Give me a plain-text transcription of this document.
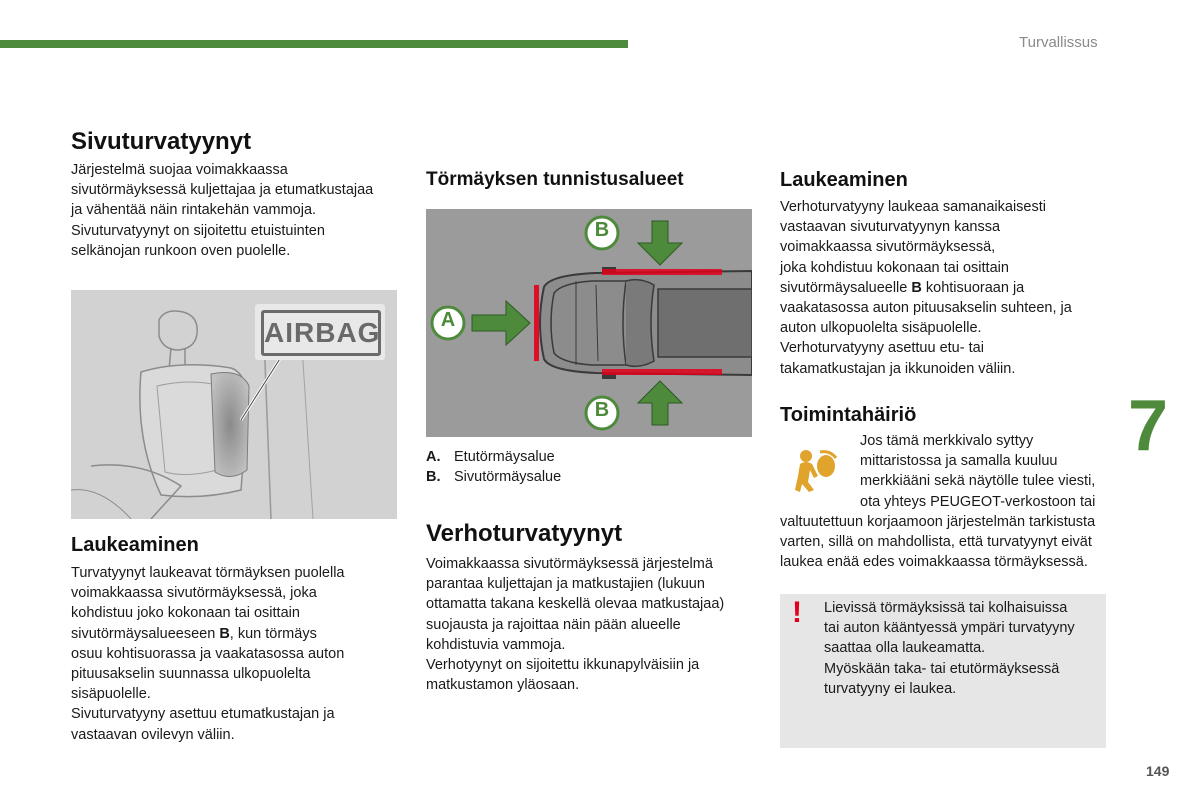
Turvallissus
Sivuturvatyynyt

Järjestelmä suojaa voimakkaassa
sivutörmäyksessä kuljettajaa ja etumatkustajaa
ja vähentää näin rintakehän vammoja.
Sivuturvatyynyt on sijoitettu etuistuinten
selkänojan runkoon oven puolelle.

AIRBAG
Laukeaminen

Turvatyynyt laukeavat törmäyksen puolella
voimakkaassa sivutörmäyksessä, joka
kohdistuu joko kokonaan tai osittain
sivutörmäysalueeseen B, kun törmäys
osuu kohtisuorassa ja vaakatasossa auton
pituusakselin suunnassa ulkopuolelta
sisäpuolelle.

Sivuturvatyyny asettuu etumatkustajan ja
vastaavan ovilevyn väliin.

Törmäyksen tunnistusalueet
A
B
B
A. Etutörmäysalue
B. Sivutörmäysalue
Verhoturvatyynyt

Voimakkaassa sivutörmäyksessä järjestelmä
parantaa kuljettajan ja matkustajien (lukuun
ottamatta takana keskellä olevaa matkustajaa)
suojausta ja rajoittaa näin pään alueelle
kohdistuvia vammoja.

Verhotyynyt on sijoitettu ikkunapylväisiin ja
matkustamon yläosaan.

Laukeaminen

Verhoturvatyyny laukeaa samanaikaisesti
vastaavan sivuturvatyynyn kanssa
voimakkaassa sivutörmäyksessä,
joka kohdistuu kokonaan tai osittain
sivutörmäysalueelle B kohtisuoraan ja
vaakatasossa auton pituusakselin suhteen, ja
auton ulkopuolelta sisäpuolelle.

Verhoturvatyyny asettuu etu- tai
takamatkustajan ja ikkunoiden väliin.

Toimintahäiriö

Jos tämä merkkivalo syttyy
mittaristossa ja samalla kuuluu
merkkiääni sekä näytölle tulee viesti,
ota yhteys PEUGEOT-verkostoon tai

valtuutettuun korjaamoon järjestelmän tarkistusta
varten, sillä on mahdollista, että turvatyynyt eivät
laukea enää edes voimakkaassa törmäyksessä.

! Lievissä törmäyksissä tai kolhaisuissa
tai auton kääntyessä ympäri turvatyyny
saattaa olla laukeamatta.
Myöskään taka- tai etutörmäyksessä
turvatyyny ei laukea.

7
149
